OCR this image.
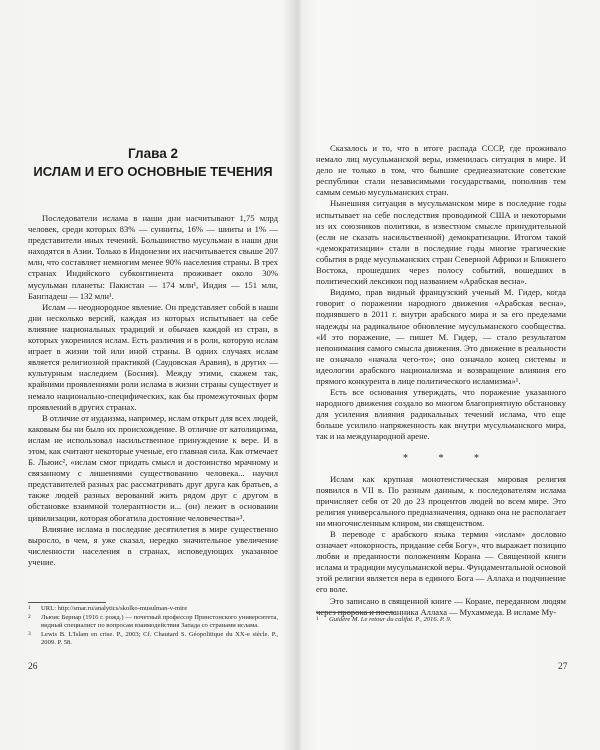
Глава 2
ИСЛАМ И ЕГО ОСНОВНЫЕ ТЕЧЕНИЯ

Последователи ислама в наши дни насчитывают 1,75 млрд человек, среди которых 83% — сунниты, 16% — шииты и 1% — представители иных течений. Большинство мусульман в наши дни находятся в Азии. Только в Индонезии их насчитывается свыше 207 млн, что составляет немногим менее 90% населения страны. В трех странах Индийского субконтинента проживает около 30% мусульман планеты: Пакистан — 174 млн¹, Индия — 151 млн, Бангладеш — 132 млн¹.

Ислам — неоднородное явление. Он представляет собой в наши дни несколько версий, каждая из которых испытывает на себе влияние национальных традиций и обычаев каждой из стран, в которых укоренился ислам. Есть различия и в роли, которую ислам играет в жизни той или иной страны. В одних случаях ислам является религиозной практикой (Саудовская Аравия), в других — культурным наследием (Босния). Между этими, скажем так, крайними проявлениями роли ислама в жизни страны существует и немало национально-специфических, как бы промежуточных форм проявлений в других странах.

В отличие от иудаизма, например, ислам открыт для всех людей, каковым бы ни было их происхождение. В отличие от католицизма, ислам не использовал насильственное принуждение к вере. И в этом, как считают некоторые ученые, его главная сила. Как отмечает Б. Льюис², «ислам смог придать смысл и достоинство мрачному и связанному с лишениями существованию человека... научил представителей разных рас рассматривать друг друга как братьев, а также людей разных верований жить рядом друг с другом в обстановке взаимной толерантности и... (он) лежит в основании цивилизации, которая обогатила достояние человечества»³.

Влияние ислама в последние десятилетия в мире существенно выросло, в чем, я уже сказал, нередко значительное увеличение численности населения в странах, исповедующих указанное учение.

1	URL: http://smar.ru/analytics/skolko-musulman-v-mire
2	Льюис Бернар (1916 г. рожд.) — почетный профессор Принстонского университета, видный специалист по вопросам взаимодействия Запада со странами ислама.
3	Lewis B. L'Islam en crise. P., 2003; Cf. Chautard S. Géopolitique du XX-e siècle. P., 2009. P. 58.
26

Сказалось и то, что в итоге распада СССР, где проживало немало лиц мусульманской веры, изменилась ситуация в мире. И дело не только в том, что бывшие среднеазиатские советские республики стали независимыми государствами, пополнив тем самым семью мусульманских стран.

Нынешняя ситуация в мусульманском мире в последние годы испытывает на себе последствия проводимой США и некоторыми из их союзников политики, в известном смысле принудительной (если не сказать насильственной) демократизации. Итогом такой «демократизации» стали в последние годы многие трагические события в ряде мусульманских стран Северной Африки и Ближнего Востока, прошедших через полосу событий, вошедших в политический лексикон под названием «Арабская весна».

Видимо, прав видный французский ученый М. Гидер, когда говорит о поражении народного движения «Арабская весна», поднявшего в 2011 г. внутри арабского мира и за его пределами надежды на радикальное обновление мусульманского сообщества. «И это поражение, — пишет М. Гидер, — стало результатом непонимания самого смысла движения. Это движение в реальности не означало «начала чего-то»; оно означало конец системы и идеологии арабского национализма и возвращение влияния его прямого конкурента в лице политического исламизма»¹.

Есть все основания утверждать, что поражение указанного народного движения создало во многом благоприятную обстановку для усиления влияния радикальных течений ислама, что еще больше усилило напряженность как внутри мусульманского мира, так и на международной арене.

* * *

Ислам как крупная монотеистическая мировая религия появился в VII в. По разным данным, к последователям ислама причисляет себя от 20 до 23 процентов людей во всем мире. Это религия универсального предназначения, однако она не располагает ни многочисленным клиром, ни священством.

В переводе с арабского языка термин «ислам» дословно означает «покорность, придание себя Богу», что выражает позицию любви и преданности положениям Корана — Священной книги ислама и традиции мусульманской веры. Фундаментальной основой этой религии является вера в единого Бога — Аллаха и подчинение его воле.

Это записано в священной книге — Коране, переданном людям через пророка и посланника Аллаха — Мухаммеда. В исламе Му-

1	Guidère M. Le retour du califat. P., 2016. P. 9.
27
